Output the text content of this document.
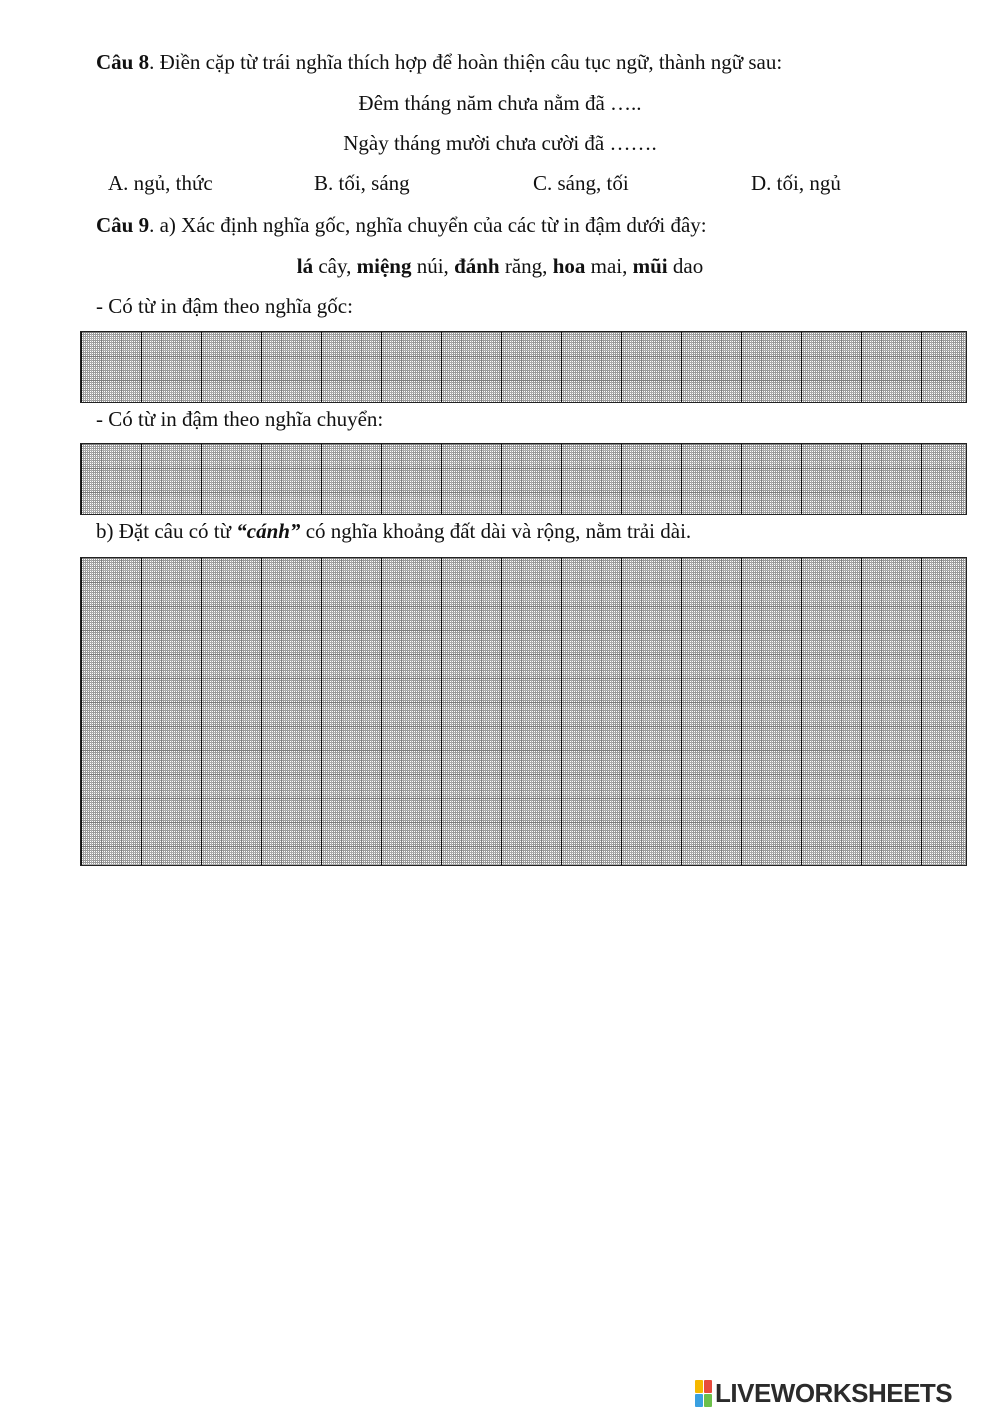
Câu 8. Điền cặp từ trái nghĩa thích hợp để hoàn thiện câu tục ngữ, thành ngữ sau:
Đêm tháng năm chưa nằm đã …..
Ngày tháng mười chưa cười đã …….
A. ngủ, thức	B. tối, sáng	C. sáng, tối	D. tối, ngủ
Câu 9. a) Xác định nghĩa gốc, nghĩa chuyển của các từ in đậm dưới đây:
lá cây, miệng núi, đánh răng, hoa mai, mũi dao
- Có từ in đậm theo nghĩa gốc:
- Có từ in đậm theo nghĩa chuyển:
b) Đặt câu có từ “cánh” có nghĩa khoảng đất dài và rộng, nằm trải dài.
LIVEWORKSHEETS
